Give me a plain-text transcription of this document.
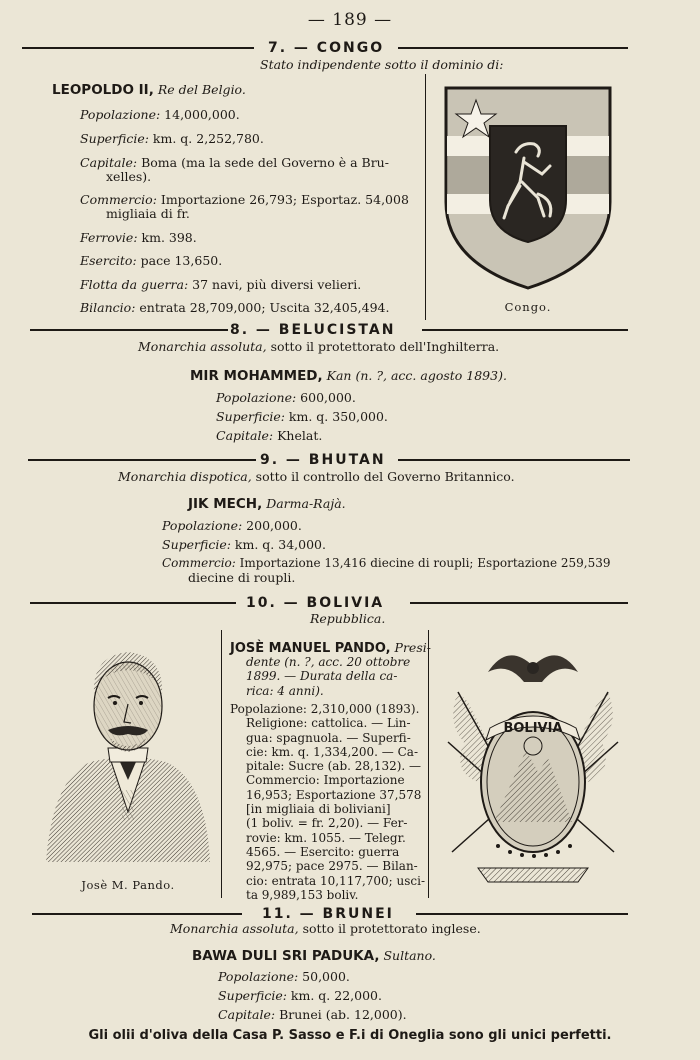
— 189 —
7. — CONGO
Stato indipendente sotto il dominio di:
LEOPOLDO II, Re del Belgio.
Popolazione: 14,000,000.
Superficie: km. q. 2,252,780.
Capitale: Boma (ma la sede del Governo è a Bru-
xelles).
Commercio: Importazione 26,793; Esportaz. 54,008
migliaia di fr.
Ferrovie: km. 398.
Esercito: pace 13,650.
Flotta da guerra: 37 navi, più diversi velieri.
Bilancio: entrata 28,709,000; Uscita 32,405,494.	Congo.
8. — BELUCISTAN
Monarchia assoluta, sotto il protettorato dell'Inghilterra.
MIR MOHAMMED, Kan (n. ?, acc. agosto 1893).
Popolazione: 600,000.
Superficie: km. q. 350,000.
Capitale: Khelat.
9. — BHUTAN
Monarchia dispotica, sotto il controllo del Governo Britannico.
JIK MECH, Darma-Rajà.
Popolazione: 200,000.
Superficie: km. q. 34,000.
Commercio: Importazione 13,416 diecine di roupli; Esportazione 259,539
diecine di roupli.
10. — BOLIVIA
Repubblica.
Josè M. Pando.
JOSÈ MANUEL PANDO, Presi-
dente (n. ?, acc. 20 ottobre
1899. — Durata della ca-
rica: 4 anni).
Popolazione: 2,310,000 (1893).
Religione: cattolica. — Lin-
gua: spagnuola. — Superfi-
cie: km. q. 1,334,200. — Ca-
pitale: Sucre (ab. 28,132). —
Commercio: Importazione
16,953; Esportazione 37,578
[in migliaia di boliviani]
(1 boliv. = fr. 2,20). — Fer-
rovie: km. 1055. — Telegr.
4565. — Esercito: guerra
92,975; pace 2975. — Bilan-
cio: entrata 10,117,700; usci-
ta 9,989,153 boliv.
BOLIVIA
11. — BRUNEI
Monarchia assoluta, sotto il protettorato inglese.
BAWA DULI SRI PADUKA, Sultano.
Popolazione: 50,000.
Superficie: km. q. 22,000.
Capitale: Brunei (ab. 12,000).
Gli olii d'oliva della Casa P. Sasso e F.i di Oneglia sono gli unici perfetti.
